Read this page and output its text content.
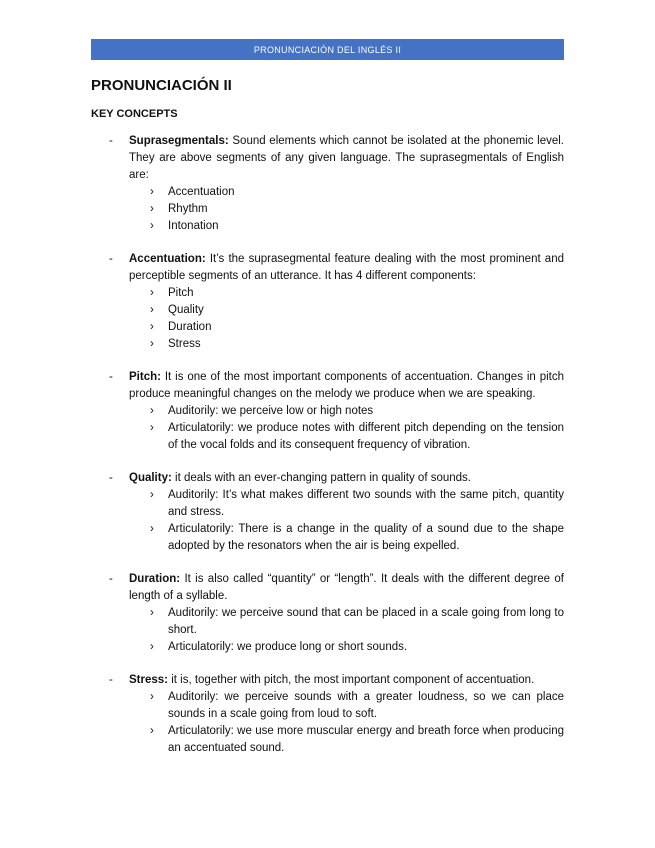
PRONUNCIACIÓN DEL INGLÉS II
PRONUNCIACIÓN II
KEY CONCEPTS
- Suprasegmentals: Sound elements which cannot be isolated at the phonemic level. They are above segments of any given language. The suprasegmentals of English are:

› Accentuation
› Rhythm
› Intonation
- Accentuation: It’s the suprasegmental feature dealing with the most prominent and perceptible segments of an utterance. It has 4 different components:

› Pitch
› Quality
› Duration
› Stress
- Pitch: It is one of the most important components of accentuation. Changes in pitch produce meaningful changes on the melody we produce when we are speaking.

› Auditorily: we perceive low or high notes
› Articulatorily: we produce notes with different pitch depending on the tension of the vocal folds and its consequent frequency of vibration.
- Quality: it deals with an ever-changing pattern in quality of sounds.

› Auditorily: It’s what makes different two sounds with the same pitch, quantity and stress.
› Articulatorily: There is a change in the quality of a sound due to the shape adopted by the resonators when the air is being expelled.
- Duration: It is also called “quantity” or “length”. It deals with the different degree of length of a syllable.

› Auditorily: we perceive sound that can be placed in a scale going from long to short.
› Articulatorily: we produce long or short sounds.
- Stress: it is, together with pitch, the most important component of accentuation.

› Auditorily: we perceive sounds with a greater loudness, so we can place sounds in a scale going from loud to soft.
› Articulatorily: we use more muscular energy and breath force when producing an accentuated sound.
